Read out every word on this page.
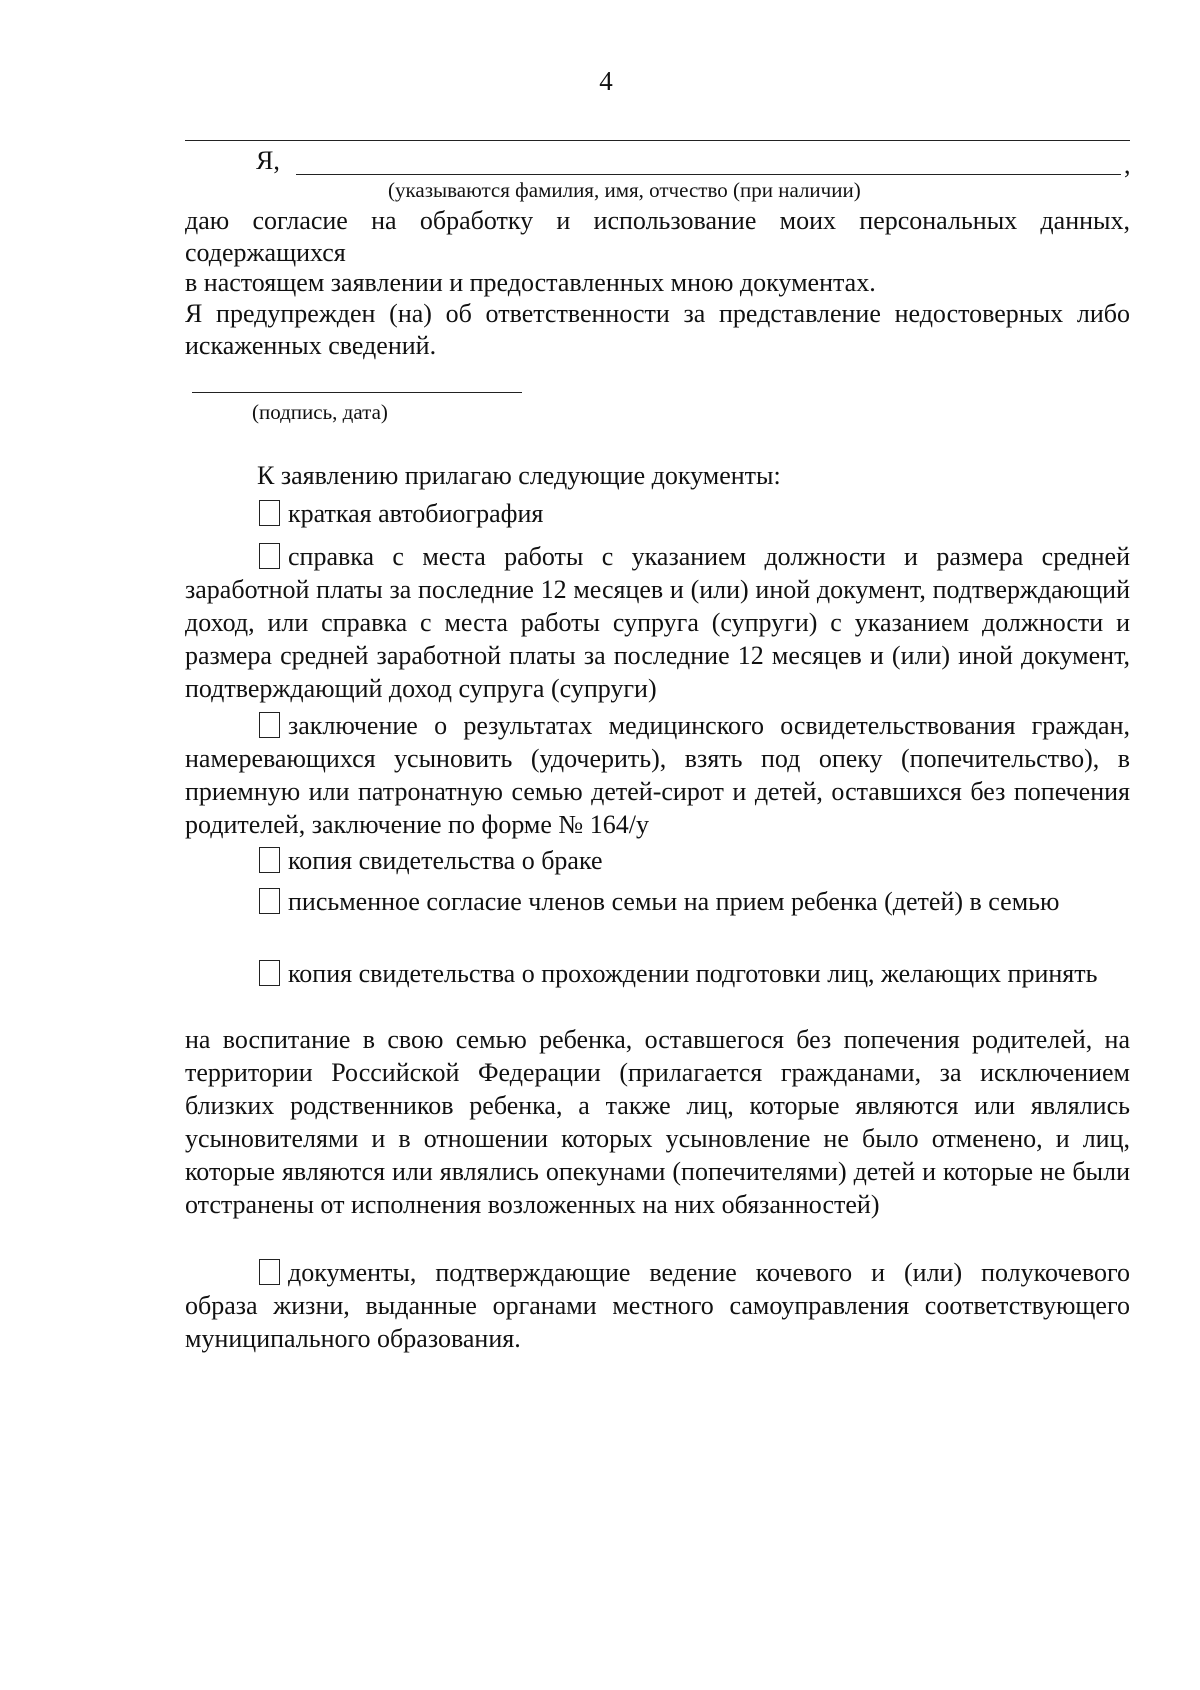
4
Я,	,
(указываются фамилия, имя, отчество (при наличии)
даю согласие на обработку и использование моих персональных данных, содержащихся
в настоящем заявлении и предоставленных мною документах.
Я предупрежден (на) об ответственности за представление недостоверных либо искаженных сведений.
(подпись, дата)
К заявлению прилагаю следующие документы:
краткая автобиография
справка с места работы с указанием должности и размера средней заработной платы за последние 12 месяцев и (или) иной документ, подтверждающий доход, или справка с места работы супруга (супруги) с указанием должности и размера средней заработной платы за последние 12 месяцев и (или) иной документ, подтверждающий доход супруга (супруги)
заключение о результатах медицинского освидетельствования граждан, намеревающихся усыновить (удочерить), взять под опеку (попечительство), в приемную или патронатную семью детей-сирот и детей, оставшихся без попечения родителей, заключение по форме № 164/у
копия свидетельства о браке
письменное согласие членов семьи на прием ребенка (детей) в семью
копия свидетельства о прохождении подготовки лиц, желающих принять
на воспитание в свою семью ребенка, оставшегося без попечения родителей, на территории Российской Федерации (прилагается гражданами, за исключением близких родственников ребенка, а также лиц, которые являются или являлись усыновителями и в отношении которых усыновление не было отменено, и лиц, которые являются или являлись опекунами (попечителями) детей и которые не были отстранены от исполнения возложенных на них обязанностей)
документы, подтверждающие ведение кочевого и (или) полукочевого образа жизни, выданные органами местного самоуправления соответствующего муниципального образования.
